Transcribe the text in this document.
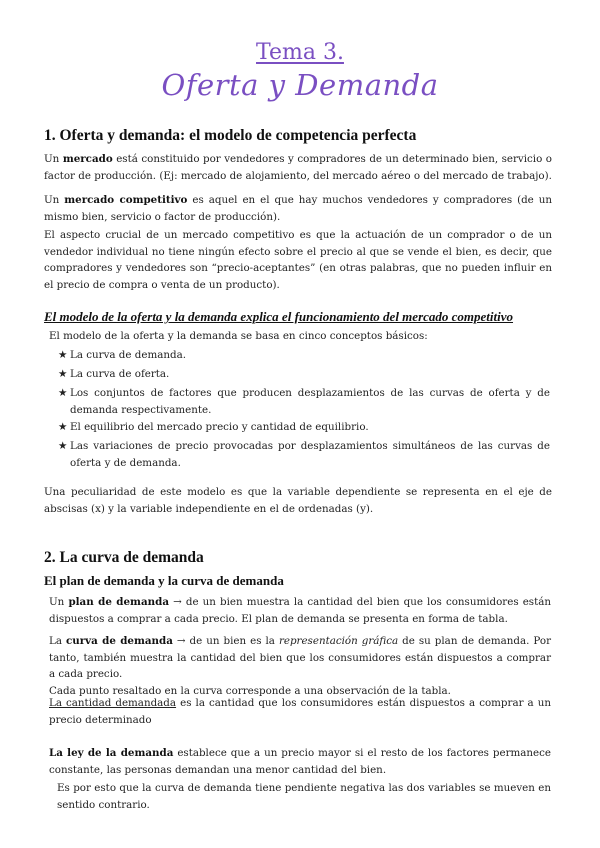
Tema 3.
Oferta y Demanda
1. Oferta y demanda: el modelo de competencia perfecta

Un mercado está constituido por vendedores y compradores de un determinado bien, servicio o factor de producción. (Ej: mercado de alojamiento, del mercado aéreo o del mercado de trabajo).

Un mercado competitivo es aquel en el que hay muchos vendedores y compradores (de un mismo bien, servicio o factor de producción).

El aspecto crucial de un mercado competitivo es que la actuación de un comprador o de un vendedor individual no tiene ningún efecto sobre el precio al que se vende el bien, es decir, que compradores y vendedores son “precio-aceptantes” (en otras palabras, que no pueden influir en el precio de compra o venta de un producto).

El modelo de la oferta y la demanda explica el funcionamiento del mercado competitivo

El modelo de la oferta y la demanda se basa en cinco conceptos básicos:

★ La curva de demanda.
★ La curva de oferta.
★ Los conjuntos de factores que producen desplazamientos de las curvas de oferta y de demanda respectivamente.
★ El equilibrio del mercado precio y cantidad de equilibrio.
★ Las variaciones de precio provocadas por desplazamientos simultáneos de las curvas de oferta y de demanda.

Una peculiaridad de este modelo es que la variable dependiente se representa en el eje de abscisas (x) y la variable independiente en el de ordenadas (y).

2. La curva de demanda
El plan de demanda y la curva de demanda

Un plan de demanda → de un bien muestra la cantidad del bien que los consumidores están dispuestos a comprar a cada precio. El plan de demanda se presenta en forma de tabla.

La curva de demanda → de un bien es la representación gráfica de su plan de demanda. Por tanto, también muestra la cantidad del bien que los consumidores están dispuestos a comprar a cada precio.
Cada punto resaltado en la curva corresponde a una observación de la tabla.

La cantidad demandada es la cantidad que los consumidores están dispuestos a comprar a un precio determinado

La ley de la demanda establece que a un precio mayor si el resto de los factores permanece constante, las personas demandan una menor cantidad del bien.

Es por esto que la curva de demanda tiene pendiente negativa las dos variables se mueven en sentido contrario.
